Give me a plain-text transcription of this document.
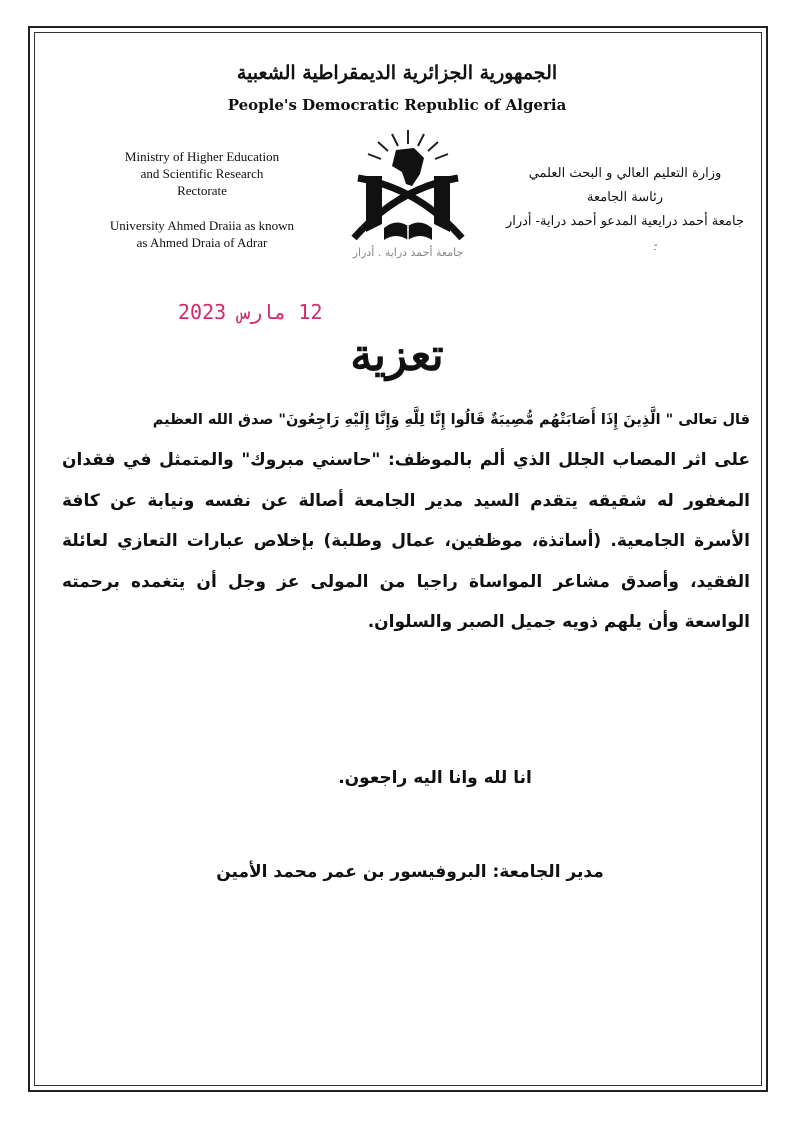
الجمهورية الجزائرية الديمقراطية الشعبية
People's Democratic Republic of Algeria
Ministry of Higher Education
and Scientific Research
Rectorate
University Ahmed Draiia as known
as Ahmed Draia of Adrar
وزارة التعليم العالي و البحث العلمي
رئاسة الجامعة
جامعة أحمد درايعية المدعو أحمد دراية- أدرار
‐̣
جامعة أحمد دراية . أدرار
12 مارس 2023
تعزية
قال تعالى " الَّذِينَ إِذَا أَصَابَتْهُم مُّصِيبَةٌ قَالُوا إِنَّا لِلَّهِ وَإِنَّا إِلَيْهِ رَاجِعُونَ" صدق الله العظيم

على اثر المصاب الجلل الذي ألم بالموظف: "حاسني مبروك" والمتمثل في فقدان المغفور له شقيقه يتقدم السيد مدير الجامعة أصالة عن نفسه ونيابة عن كافة الأسرة الجامعية. (أساتذة، موظفين، عمال وطلبة) بإخلاص عبارات التعازي لعائلة الفقيد، وأصدق مشاعر المواساة راجيا من المولى عز وجل أن يتغمده برحمته الواسعة وأن يلهم ذويه جميل الصبر والسلوان.

انا لله وانا اليه راجعون.
مدير الجامعة: البروفيسور بن عمر محمد الأمين
